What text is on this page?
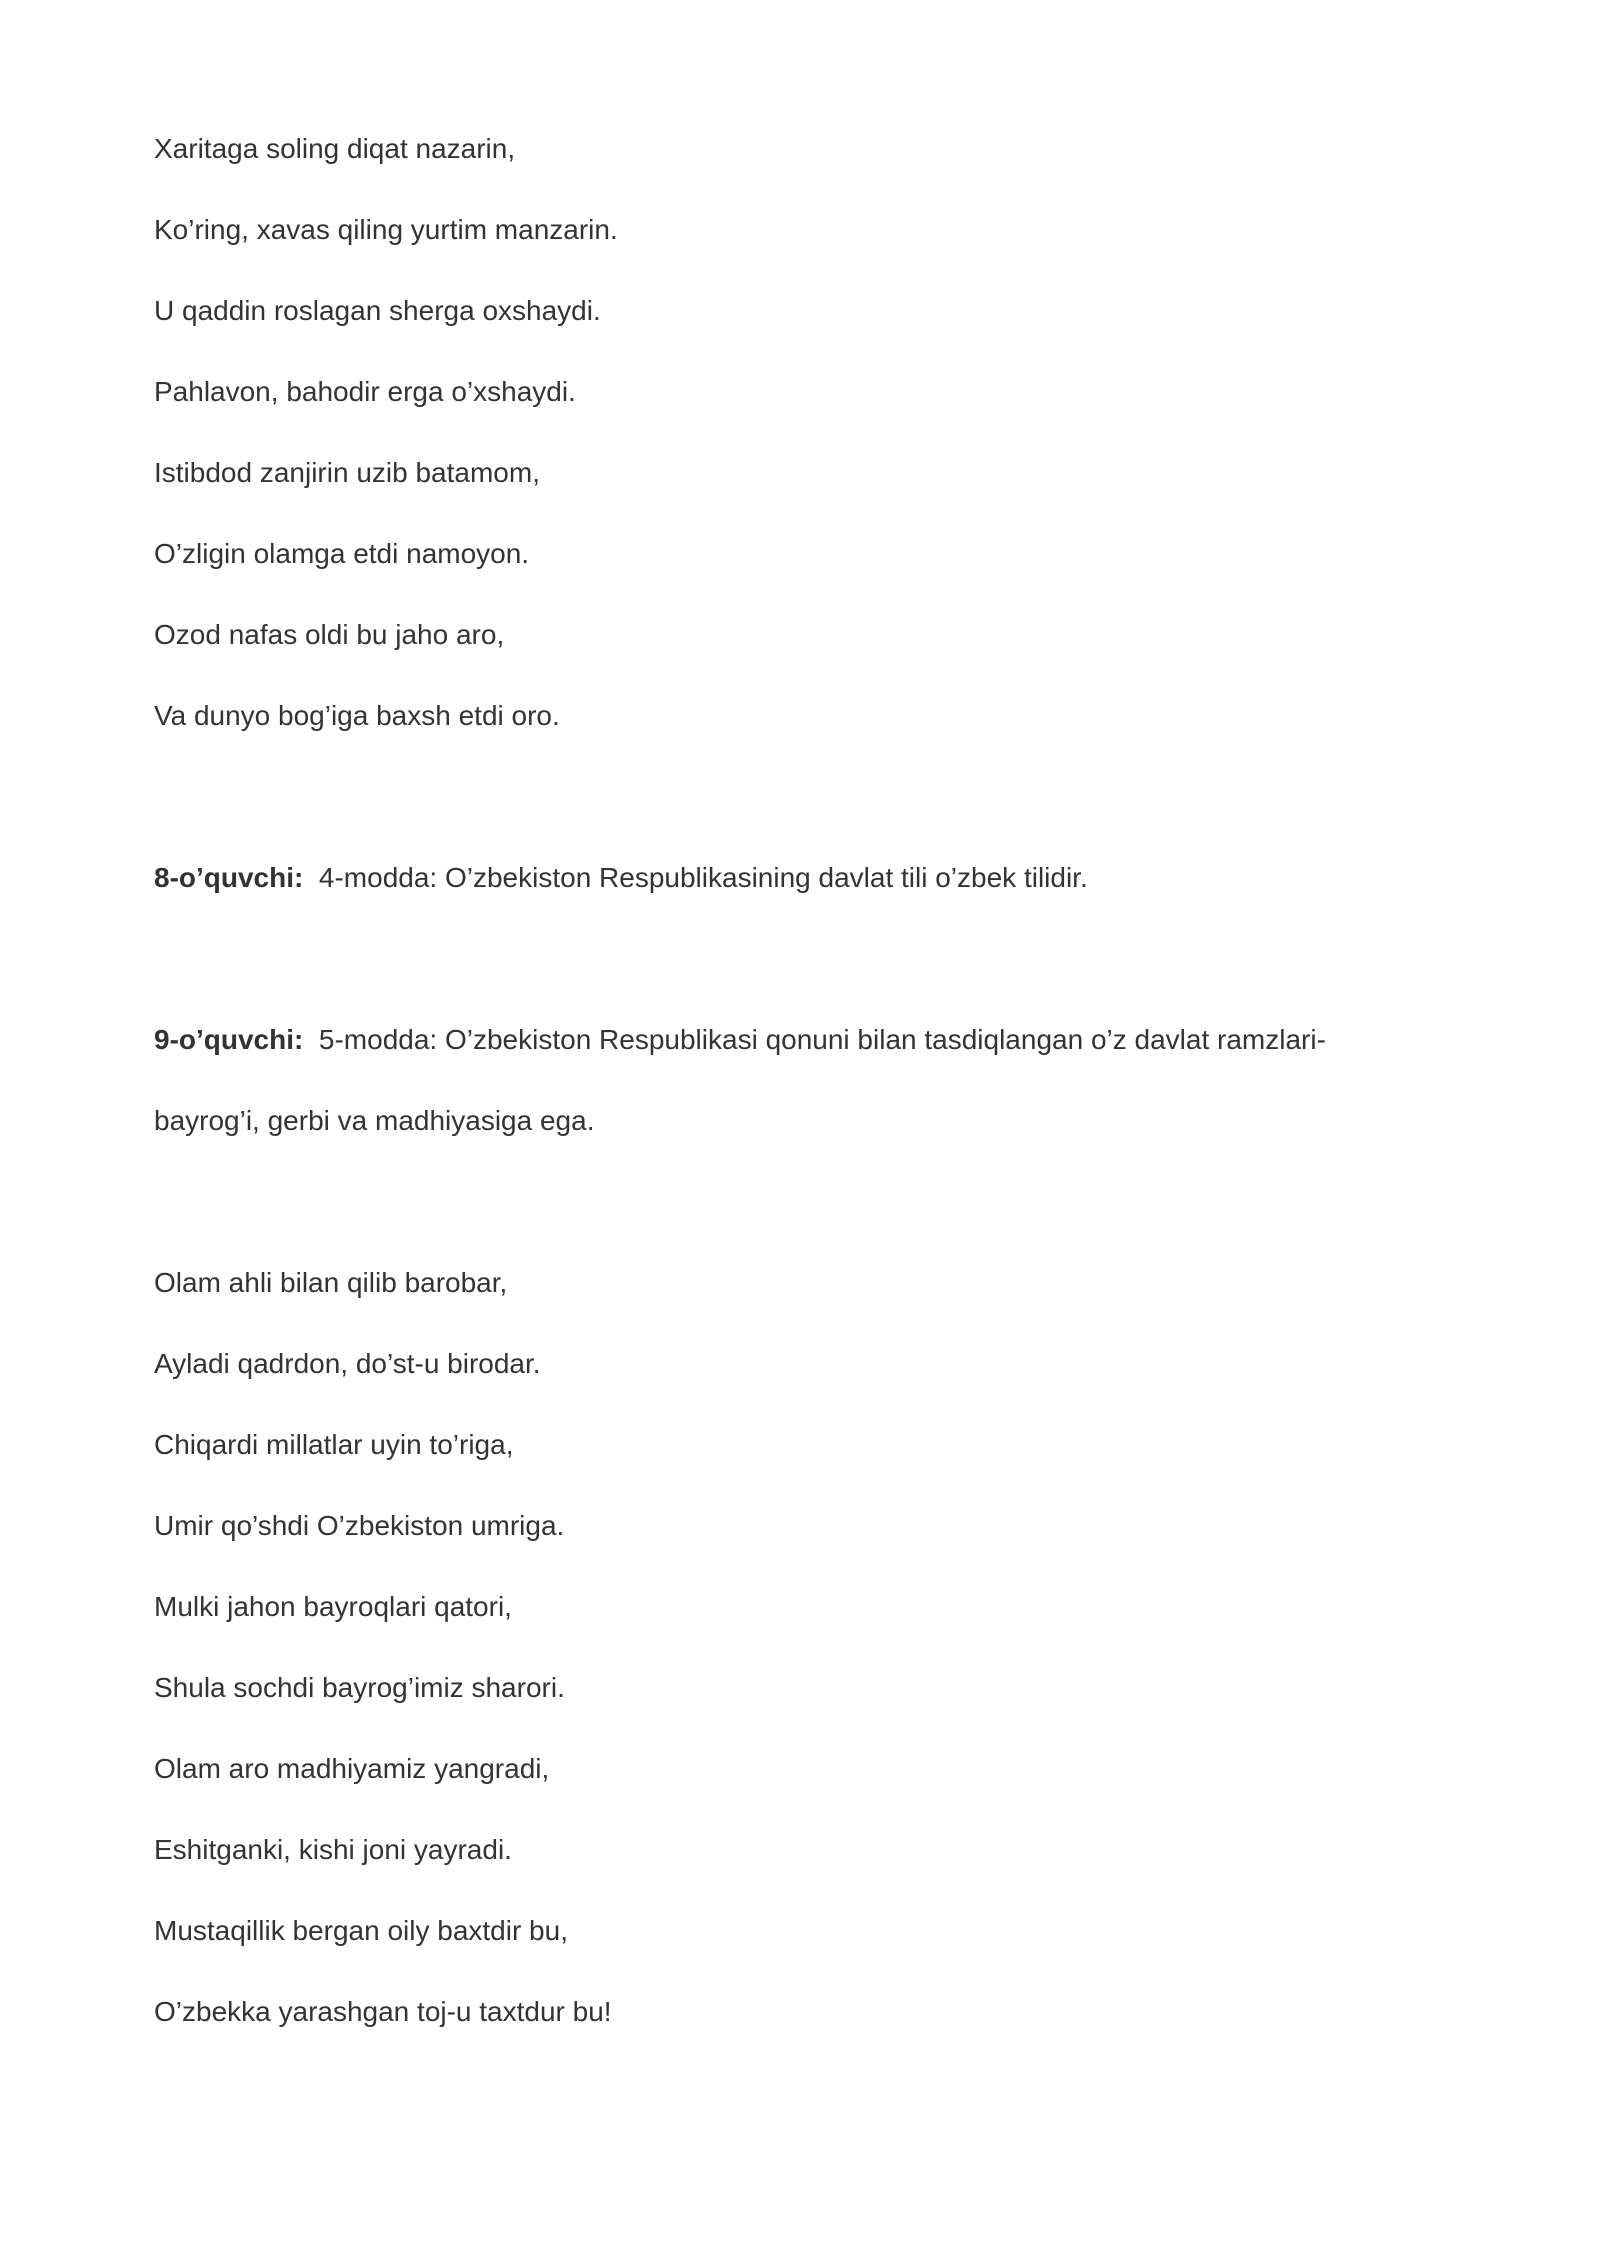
Xaritaga soling diqat nazarin,
Ko’ring, xavas qiling yurtim manzarin.
U qaddin roslagan sherga oxshaydi.
Pahlavon, bahodir erga o’xshaydi.
Istibdod zanjirin uzib batamom,
O’zligin olamga etdi namoyon.
Ozod nafas oldi bu jaho aro,
Va dunyo bog’iga baxsh etdi oro.
8-o’quvchi: 4-modda: O’zbekiston Respublikasining davlat tili o’zbek tilidir.
9-o’quvchi: 5-modda: O’zbekiston Respublikasi qonuni bilan tasdiqlangan o’z davlat ramzlari-
bayrog’i, gerbi va madhiyasiga ega.
Olam ahli bilan qilib barobar,
Ayladi qadrdon, do’st-u birodar.
Chiqardi millatlar uyin to’riga,
Umir qo’shdi O’zbekiston umriga.
Mulki jahon bayroqlari qatori,
Shula sochdi bayrog’imiz sharori.
Olam aro madhiyamiz yangradi,
Eshitganki, kishi joni yayradi.
Mustaqillik bergan oily baxtdir bu,
O’zbekka yarashgan toj-u taxtdur bu!
